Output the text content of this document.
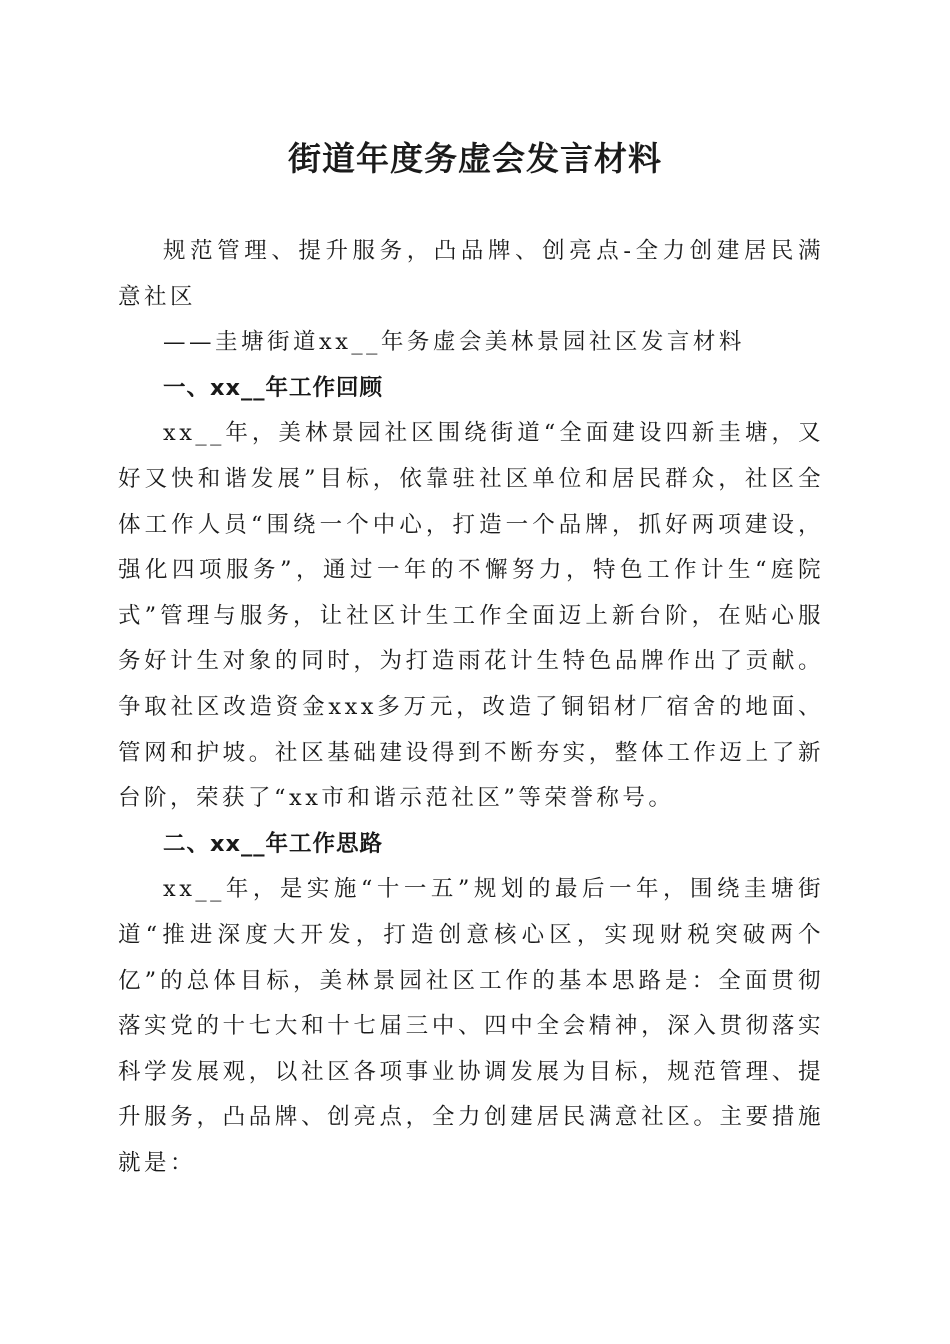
街道年度务虚会发言材料

规范管理、提升服务，凸品牌、创亮点-全力创建居民满意社区

——圭塘街道xx__年务虚会美林景园社区发言材料

一、xx__年工作回顾

xx__年，美林景园社区围绕街道“全面建设四新圭塘，又好又快和谐发展”目标，依靠驻社区单位和居民群众，社区全体工作人员“围绕一个中心，打造一个品牌，抓好两项建设，强化四项服务”，通过一年的不懈努力，特色工作计生“庭院式”管理与服务，让社区计生工作全面迈上新台阶，在贴心服务好计生对象的同时，为打造雨花计生特色品牌作出了贡献。争取社区改造资金xxx多万元，改造了铜铝材厂宿舍的地面、管网和护坡。社区基础建设得到不断夯实，整体工作迈上了新台阶，荣获了“xx市和谐示范社区”等荣誉称号。

二、xx__年工作思路

xx__年，是实施“十一五”规划的最后一年，围绕圭塘街道“推进深度大开发，打造创意核心区，实现财税突破两个亿”的总体目标，美林景园社区工作的基本思路是：全面贯彻落实党的十七大和十七届三中、四中全会精神，深入贯彻落实科学发展观，以社区各项事业协调发展为目标，规范管理、提升服务，凸品牌、创亮点，全力创建居民满意社区。主要措施就是：
